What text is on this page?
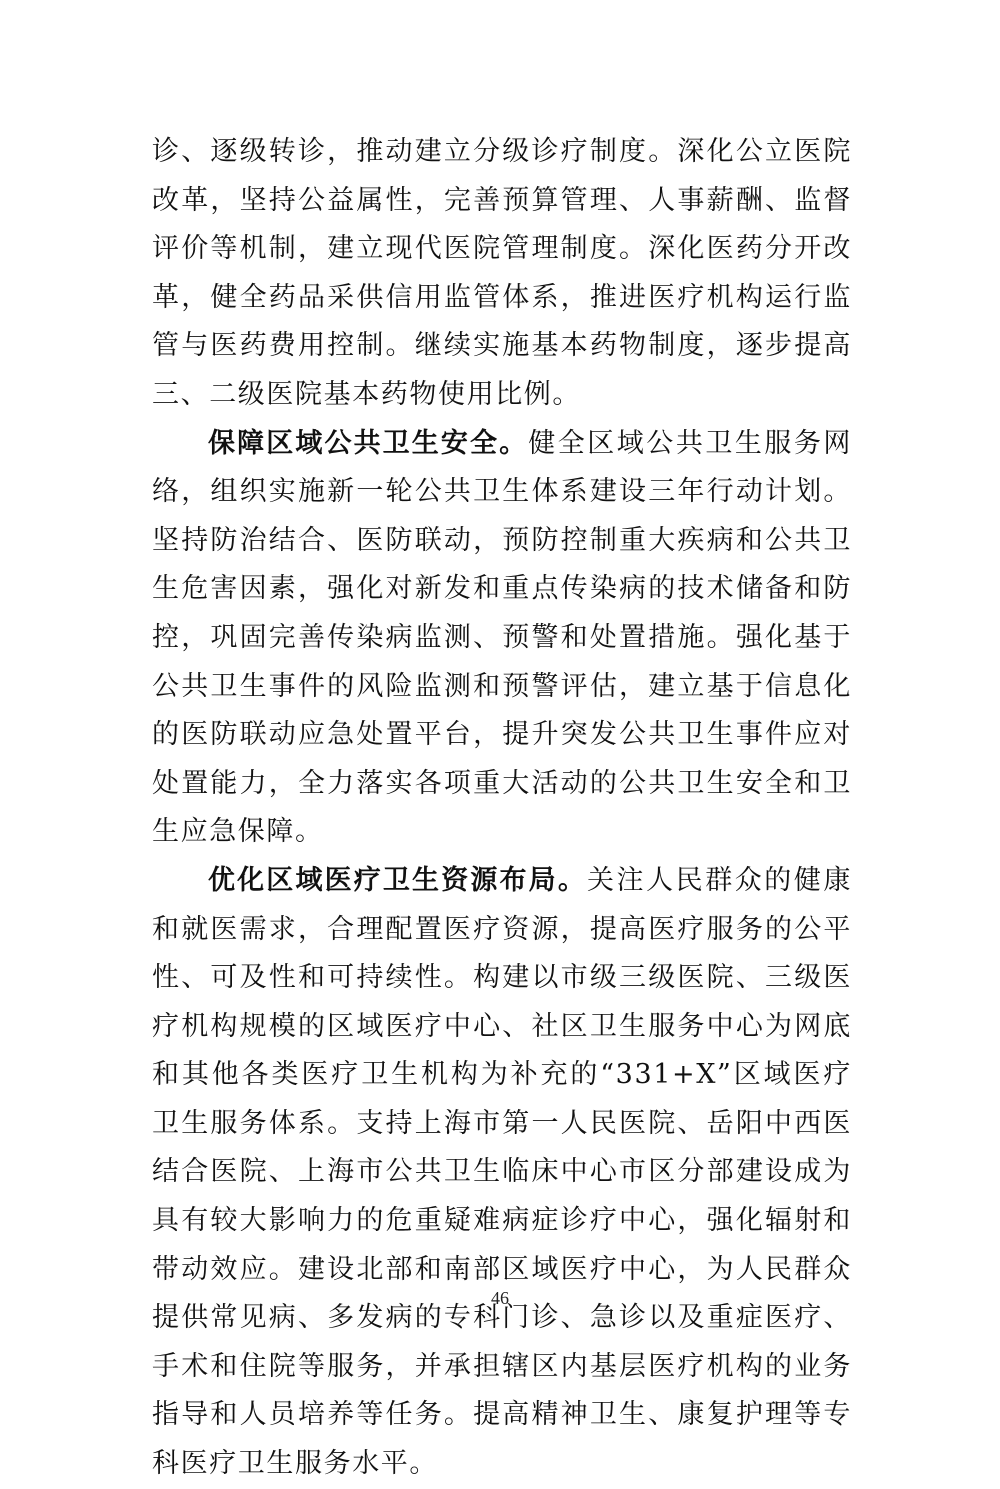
诊、逐级转诊，推动建立分级诊疗制度。深化公立医院改革，坚持公益属性，完善预算管理、人事薪酬、监督评价等机制，建立现代医院管理制度。深化医药分开改革，健全药品采供信用监管体系，推进医疗机构运行监管与医药费用控制。继续实施基本药物制度，逐步提高三、二级医院基本药物使用比例。

保障区域公共卫生安全。健全区域公共卫生服务网络，组织实施新一轮公共卫生体系建设三年行动计划。坚持防治结合、医防联动，预防控制重大疾病和公共卫生危害因素，强化对新发和重点传染病的技术储备和防控，巩固完善传染病监测、预警和处置措施。强化基于公共卫生事件的风险监测和预警评估，建立基于信息化的医防联动应急处置平台，提升突发公共卫生事件应对处置能力，全力落实各项重大活动的公共卫生安全和卫生应急保障。

优化区域医疗卫生资源布局。关注人民群众的健康和就医需求，合理配置医疗资源，提高医疗服务的公平性、可及性和可持续性。构建以市级三级医院、三级医疗机构规模的区域医疗中心、社区卫生服务中心为网底和其他各类医疗卫生机构为补充的“331+X”区域医疗卫生服务体系。支持上海市第一人民医院、岳阳中西医结合医院、上海市公共卫生临床中心市区分部建设成为具有较大影响力的危重疑难病症诊疗中心，强化辐射和带动效应。建设北部和南部区域医疗中心，为人民群众提供常见病、多发病的专科门诊、急诊以及重症医疗、手术和住院等服务，并承担辖区内基层医疗机构的业务指导和人员培养等任务。提高精神卫生、康复护理等专科医疗卫生服务水平。

46
